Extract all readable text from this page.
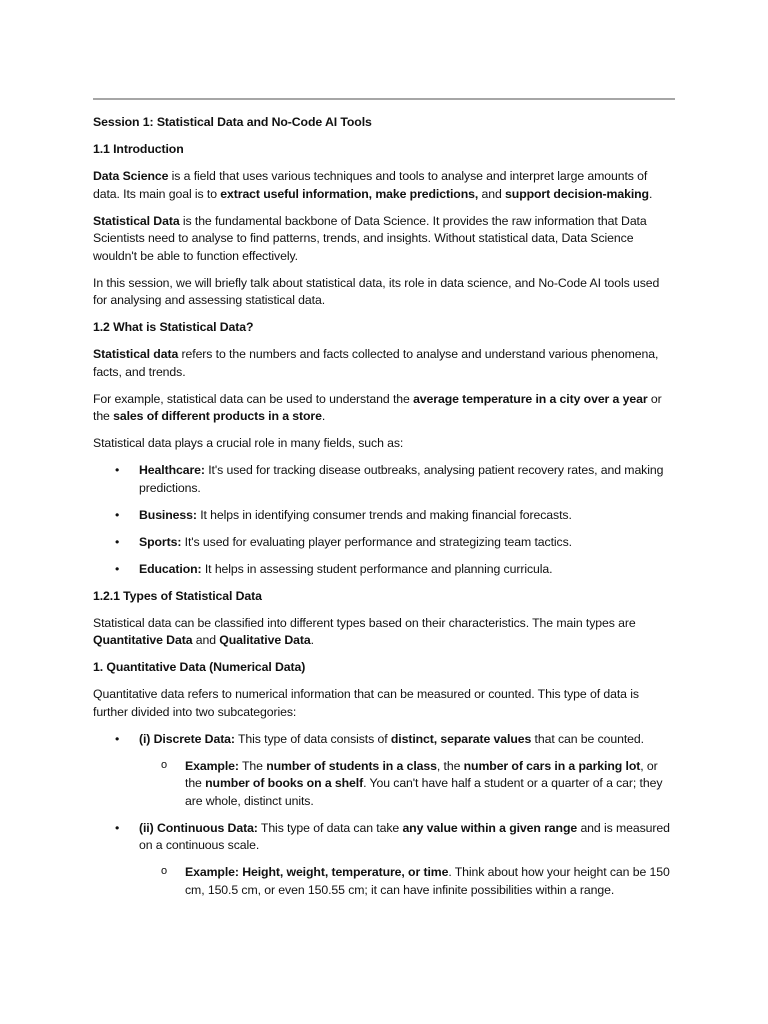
Session 1: Statistical Data and No-Code AI Tools
1.1 Introduction

Data Science is a field that uses various techniques and tools to analyse and interpret large amounts of data. Its main goal is to extract useful information, make predictions, and support decision-making.

Statistical Data is the fundamental backbone of Data Science. It provides the raw information that Data Scientists need to analyse to find patterns, trends, and insights. Without statistical data, Data Science wouldn't be able to function effectively.

In this session, we will briefly talk about statistical data, its role in data science, and No-Code AI tools used for analysing and assessing statistical data.

1.2 What is Statistical Data?

Statistical data refers to the numbers and facts collected to analyse and understand various phenomena, facts, and trends.

For example, statistical data can be used to understand the average temperature in a city over a year or the sales of different products in a store.

Statistical data plays a crucial role in many fields, such as:

• Healthcare: It's used for tracking disease outbreaks, analysing patient recovery rates, and making predictions.
• Business: It helps in identifying consumer trends and making financial forecasts.
• Sports: It's used for evaluating player performance and strategizing team tactics.
• Education: It helps in assessing student performance and planning curricula.
1.2.1 Types of Statistical Data

Statistical data can be classified into different types based on their characteristics. The main types are Quantitative Data and Qualitative Data.

1. Quantitative Data (Numerical Data)

Quantitative data refers to numerical information that can be measured or counted. This type of data is further divided into two subcategories:

• (i) Discrete Data: This type of data consists of distinct, separate values that can be counted.
o Example: The number of students in a class, the number of cars in a parking lot, or the number of books on a shelf. You can't have half a student or a quarter of a car; they are whole, distinct units.
• (ii) Continuous Data: This type of data can take any value within a given range and is measured on a continuous scale.
o Example: Height, weight, temperature, or time. Think about how your height can be 150 cm, 150.5 cm, or even 150.55 cm; it can have infinite possibilities within a range.
